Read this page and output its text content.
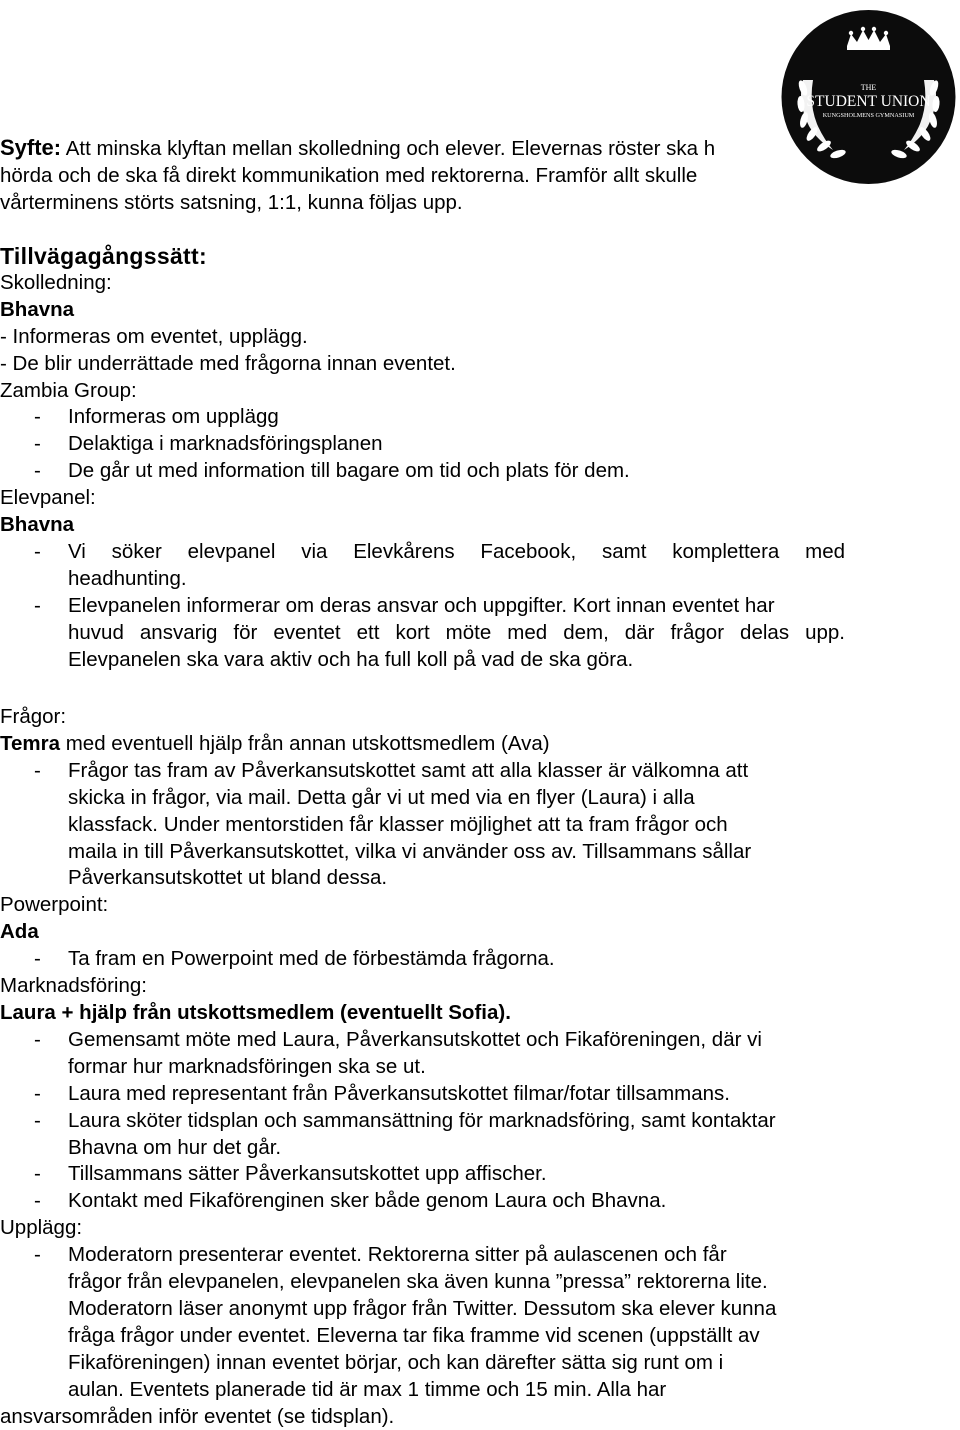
THE
STUDENT UNION
KUNGSHOLMENS GYMNASIUM
Syfte: Att minska klyftan mellan skolledning och elever. Elevernas röster ska h
hörda och de ska få direkt kommunikation med rektorerna. Framför allt skulle
vårterminens störts satsning, 1:1, kunna följas upp.
Tillvägagångssätt:
Skolledning:
Bhavna
- Informeras om eventet, upplägg.
- De blir underrättade med frågorna innan eventet.
Zambia Group:
- Informeras om upplägg
- Delaktiga i marknadsföringsplanen
- De går ut med information till bagare om tid och plats för dem.
Elevpanel:
Bhavna
- Vi söker elevpanel via Elevkårens Facebook, samt komplettera med
headhunting.
- Elevpanelen informerar om deras ansvar och uppgifter. Kort innan eventet har
huvud ansvarig för eventet ett kort möte med dem, där frågor delas upp.
Elevpanelen ska vara aktiv och ha full koll på vad de ska göra.
Frågor:
Temra med eventuell hjälp från annan utskottsmedlem (Ava)
- Frågor tas fram av Påverkansutskottet samt att alla klasser är välkomna att
skicka in frågor, via mail. Detta går vi ut med via en flyer (Laura) i alla
klassfack. Under mentorstiden får klasser möjlighet att ta fram frågor och
maila in till Påverkansutskottet, vilka vi använder oss av. Tillsammans sållar
Påverkansutskottet ut bland dessa.
Powerpoint:
Ada
- Ta fram en Powerpoint med de förbestämda frågorna.
Marknadsföring:
Laura + hjälp från utskottsmedlem (eventuellt Sofia).
- Gemensamt möte med Laura, Påverkansutskottet och Fikaföreningen, där vi
formar hur marknadsföringen ska se ut.
- Laura med representant från Påverkansutskottet filmar/fotar tillsammans.
- Laura sköter tidsplan och sammansättning för marknadsföring, samt kontaktar
Bhavna om hur det går.
- Tillsammans sätter Påverkansutskottet upp affischer.
- Kontakt med Fikaförenginen sker både genom Laura och Bhavna.
Upplägg:
- Moderatorn presenterar eventet. Rektorerna sitter på aulascenen och får
frågor från elevpanelen, elevpanelen ska även kunna ”pressa” rektorerna lite.
Moderatorn läser anonymt upp frågor från Twitter. Dessutom ska elever kunna
fråga frågor under eventet. Eleverna tar fika framme vid scenen (uppställt av
Fikaföreningen) innan eventet börjar, och kan därefter sätta sig runt om i
aulan. Eventets planerade tid är max 1 timme och 15 min. Alla har
ansvarsområden inför eventet (se tidsplan).
